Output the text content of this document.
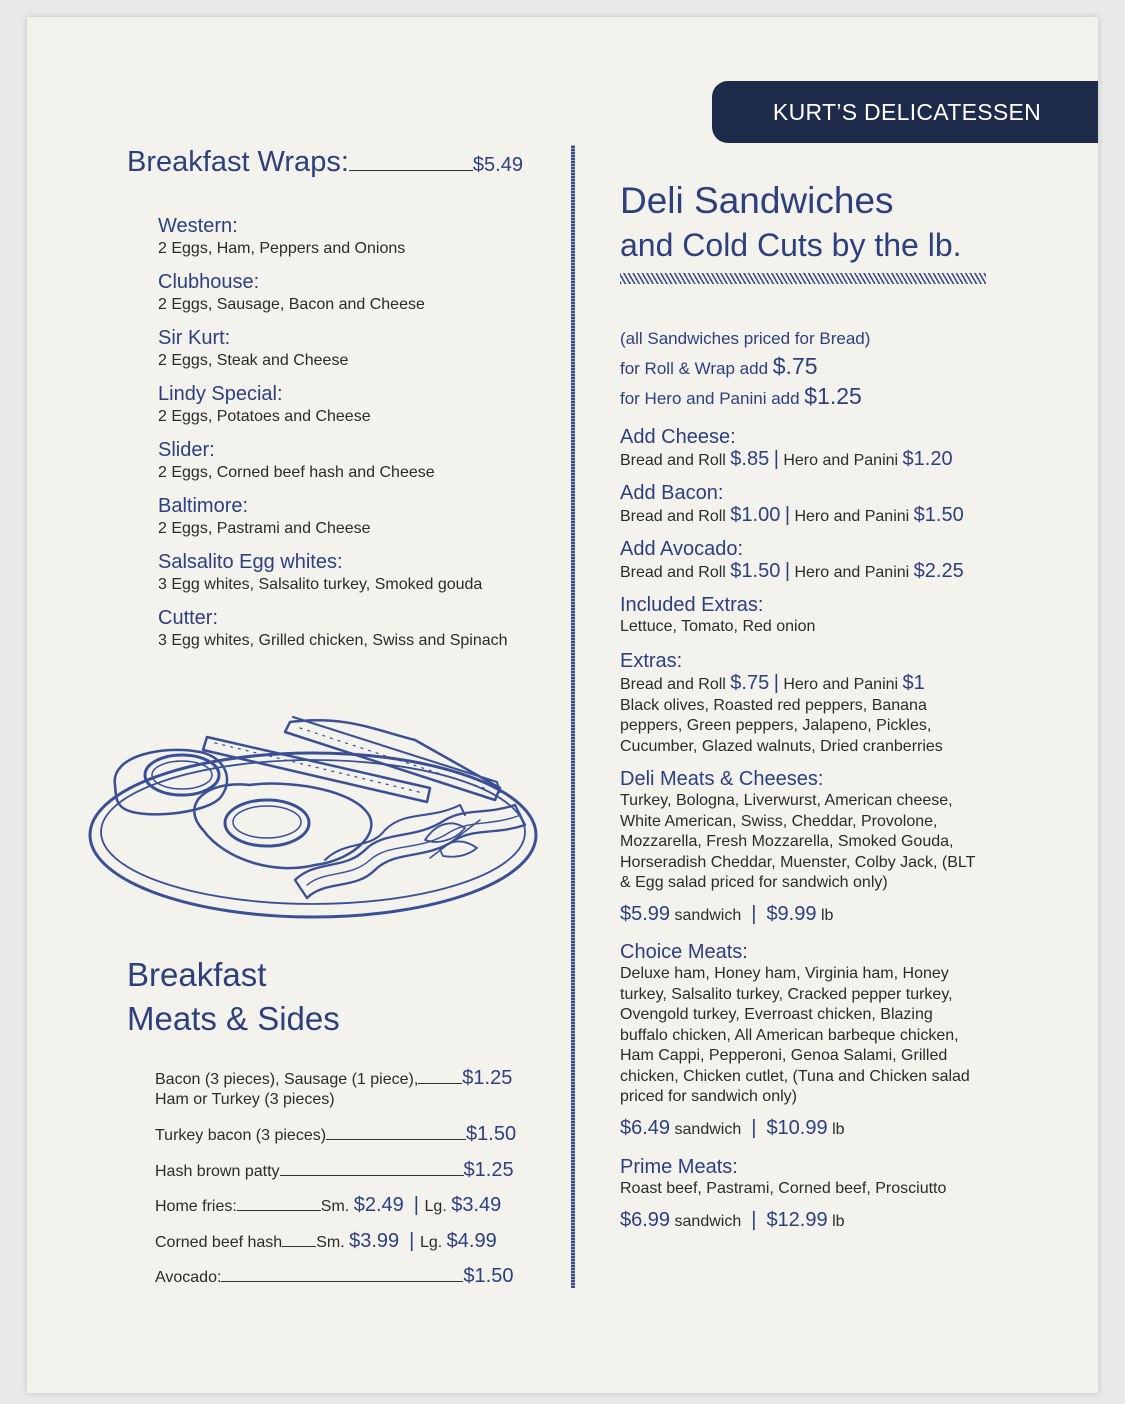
KURT’S DELICATESSEN
Breakfast Wraps:	$5.49
Western:
2 Eggs, Ham, Peppers and Onions
Clubhouse:
2 Eggs, Sausage, Bacon and Cheese
Sir Kurt:
2 Eggs, Steak and Cheese
Lindy Special:
2 Eggs, Potatoes and Cheese
Slider:
2 Eggs, Corned beef hash and Cheese
Baltimore:
2 Eggs, Pastrami and Cheese
Salsalito Egg whites:
3 Egg whites, Salsalito turkey, Smoked gouda
Cutter:
3 Egg whites, Grilled chicken, Swiss and Spinach
Breakfast
Meats & Sides
Bacon (3 pieces), Sausage (1 piece), $1.25
Ham or Turkey (3 pieces)
Turkey bacon (3 pieces)	$1.50
Hash brown patty	$1.25
Home fries:	Sm. $2.49  | Lg. $3.49
Corned beef hash Sm. $3.99  | Lg. $4.99
Avocado:	$1.50
Deli Sandwiches
and Cold Cuts by the lb.
(all Sandwiches priced for Bread)
for Roll & Wrap add $.75
for Hero and Panini add $1.25
Add Cheese:
Bread and Roll $.85 | Hero and Panini $1.20
Add Bacon:
Bread and Roll $1.00 | Hero and Panini $1.50
Add Avocado:
Bread and Roll $1.50 | Hero and Panini $2.25
Included Extras:
Lettuce, Tomato, Red onion
Extras:
Bread and Roll $.75 | Hero and Panini $1
Black olives, Roasted red peppers, Banana
peppers, Green peppers, Jalapeno, Pickles,
Cucumber, Glazed walnuts, Dried cranberries
Deli Meats & Cheeses:
Turkey, Bologna, Liverwurst, American cheese,
White American, Swiss, Cheddar, Provolone,
Mozzarella, Fresh Mozzarella, Smoked Gouda,
Horseradish Cheddar, Muenster, Colby Jack, (BLT
& Egg salad priced for sandwich only)
$5.99 sandwich  |  $9.99 lb
Choice Meats:
Deluxe ham, Honey ham, Virginia ham, Honey
turkey, Salsalito turkey, Cracked pepper turkey,
Ovengold turkey, Everroast chicken, Blazing
buffalo chicken, All American barbeque chicken,
Ham Cappi, Pepperoni, Genoa Salami, Grilled
chicken, Chicken cutlet, (Tuna and Chicken salad
priced for sandwich only)
$6.49 sandwich  |  $10.99 lb
Prime Meats:
Roast beef, Pastrami, Corned beef, Prosciutto
$6.99 sandwich  |  $12.99 lb
